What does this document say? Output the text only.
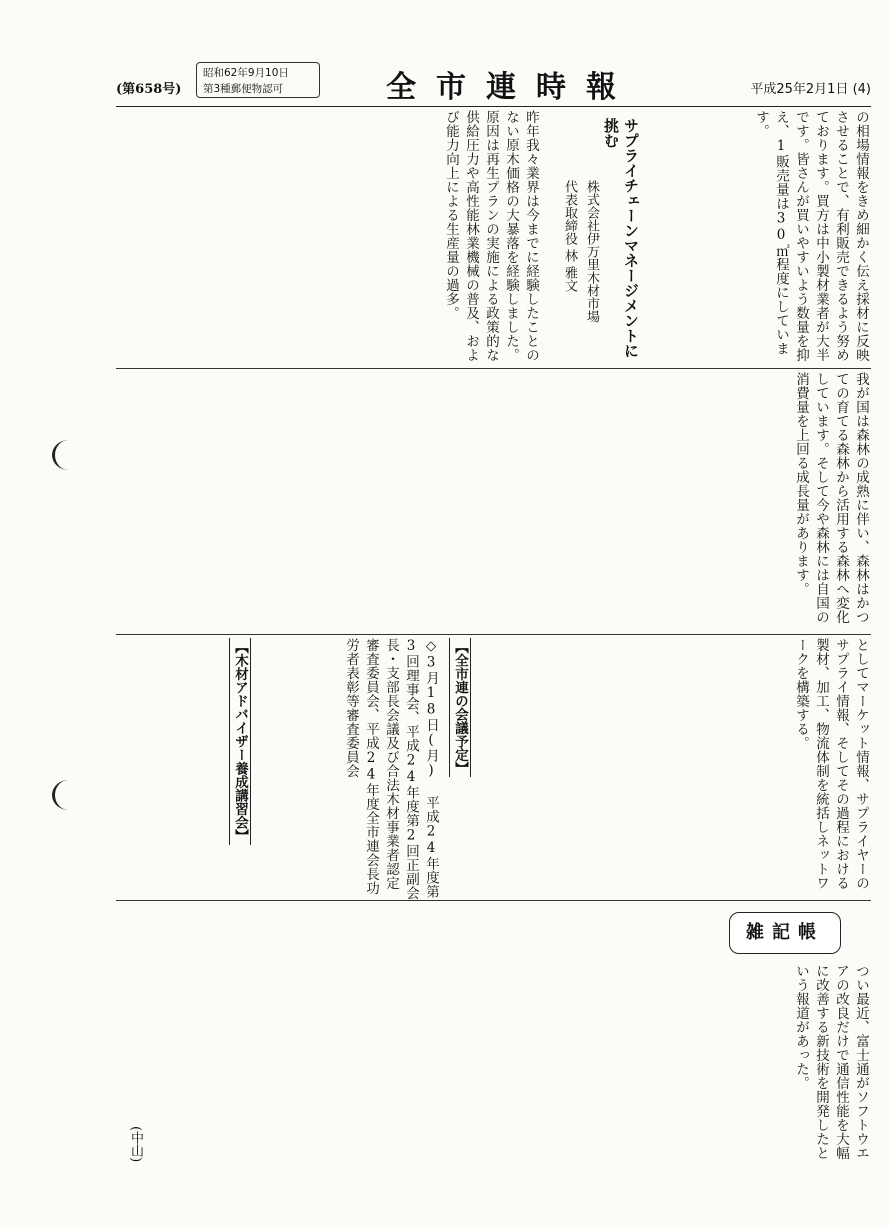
(第658号)
昭和62年9月10日
第3種郵便物認可	全市連時報	平成25年2月1日 (4)
の相場情報をきめ細かく伝え採材に反映させることで、有利販売できるよう努めております。買方は中小製材業者が大半です。皆さんが買いやすいよう数量を抑え、1販売量は30㎥程度にしています。
サプライチェーンマネージメントに挑む
株式会社伊万里木材市場
代表取締役 林 雅文
昨年我々業界は今までに経験したことのない原木価格の大暴落を経験しました。原因は再生プランの実施による政策的な供給圧力や高性能林業機械の普及、および能力向上による生産量の過多。
我が国は森林の成熟に伴い、森林はかつての育てる森林から活用する森林へ変化しています。そして今や森林には自国の消費量を上回る成長量があります。
としてマーケット情報、サプライヤーのサプライ情報、そしてその過程における製材、加工、物流体制を統括しネットワークを構築する。
【全市連の会議予定】
◇3月18日(月) 平成24年度第3回理事会、平成24年度第2回正副会長・支部長会議及び合法木材事業者認定審査委員会、平成24年度全市連会長功労者表彰等審査委員会
【木材アドバイザー養成講習会】
雑記帳
つい最近、富士通がソフトウエアの改良だけで通信性能を大幅に改善する新技術を開発したという報道があった。
(中山)
